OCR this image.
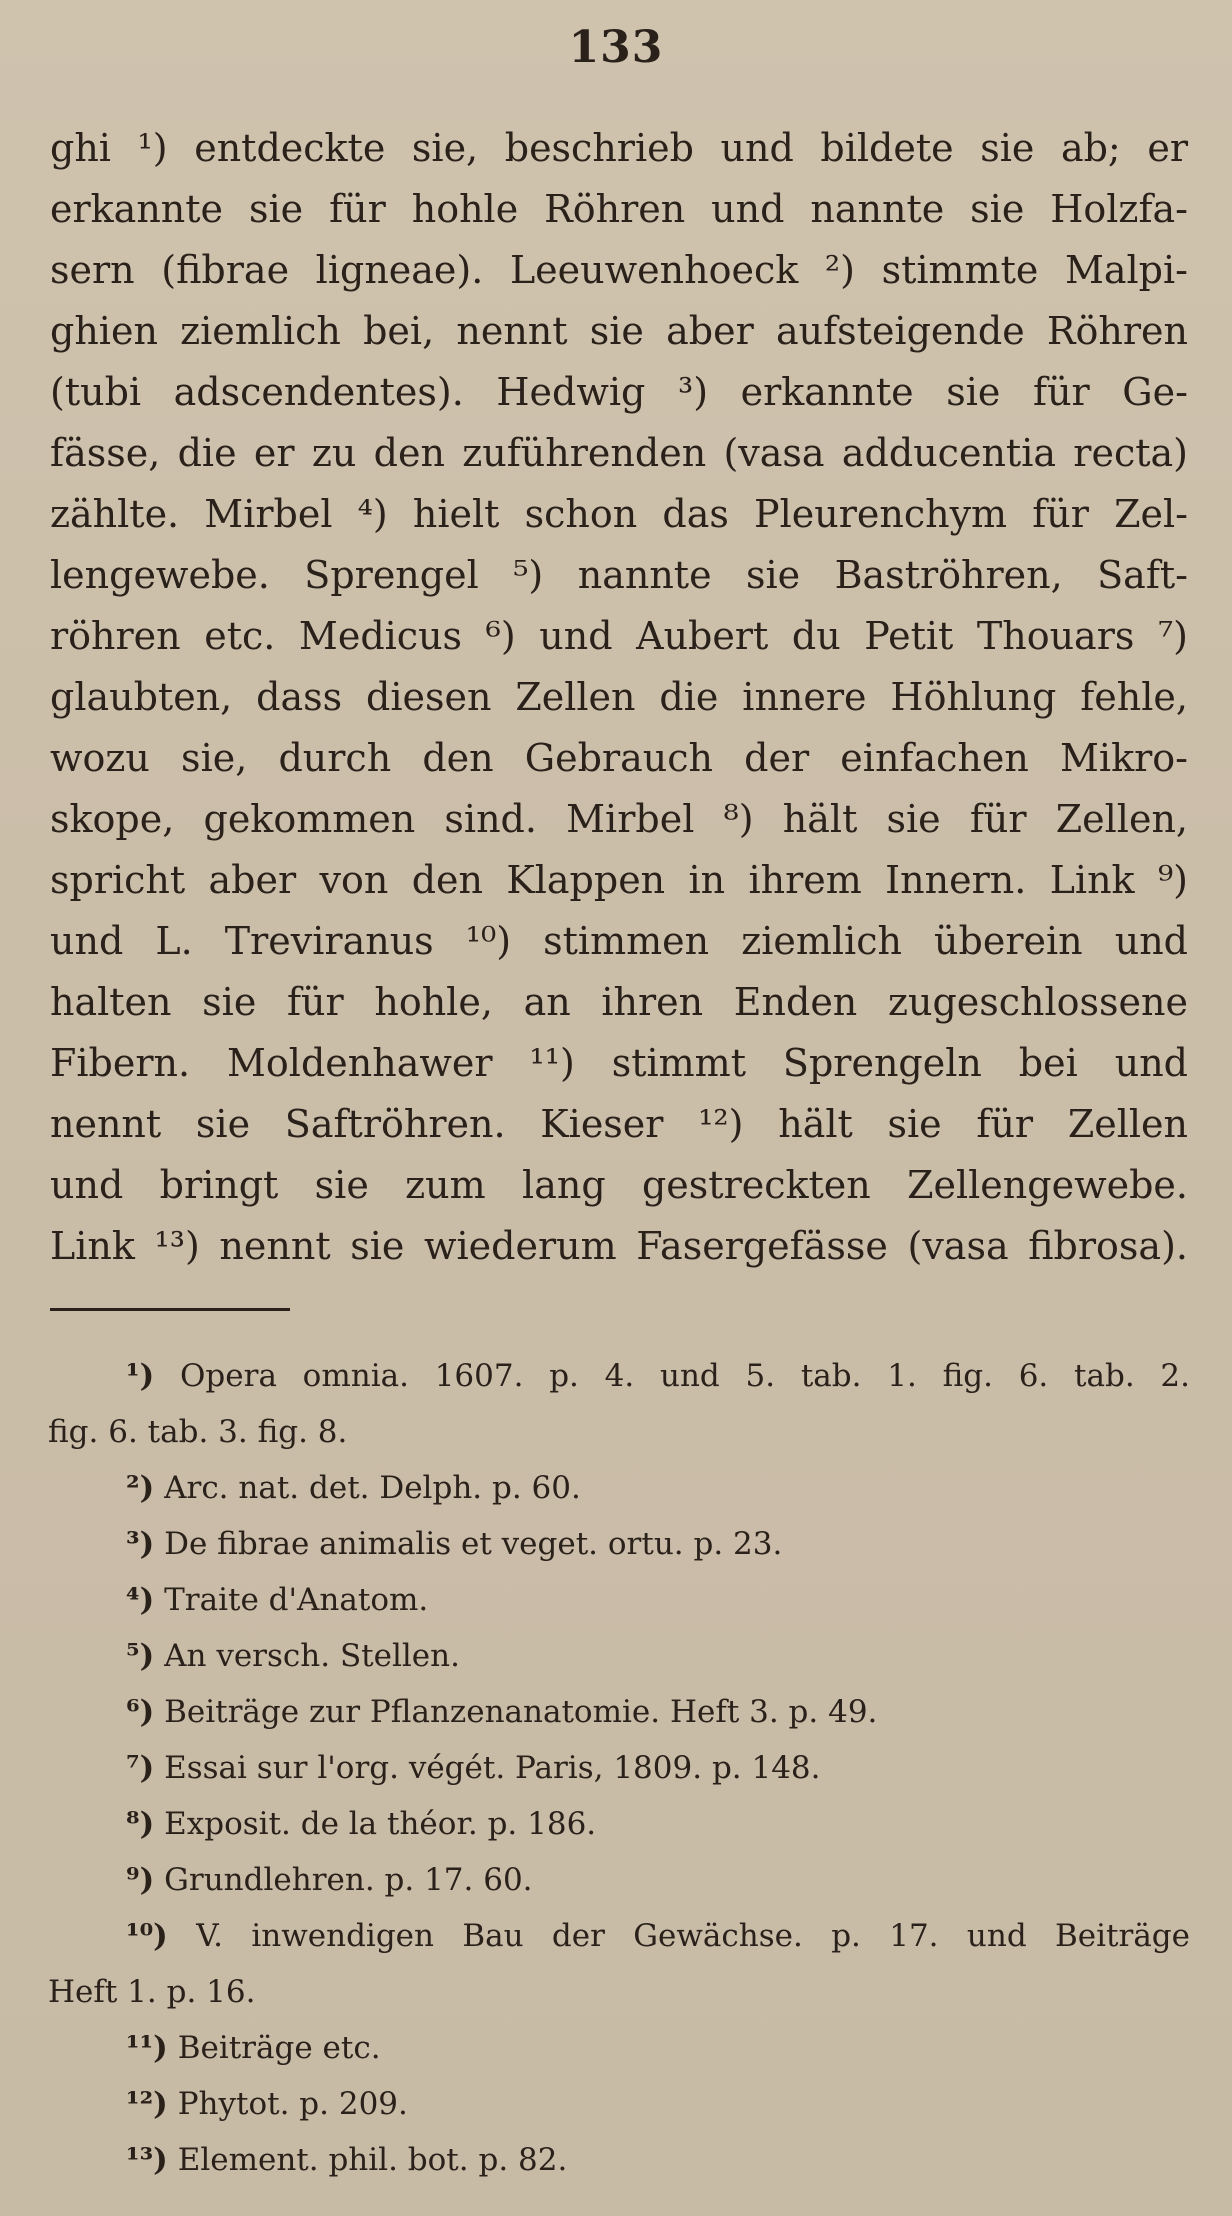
133
ghi ¹) entdeckte sie, beschrieb und bildete sie ab; er
erkannte sie für hohle Röhren und nannte sie Holzfa-
sern (fibrae ligneae). Leeuwenhoeck ²) stimmte Malpi-
ghien ziemlich bei, nennt sie aber aufsteigende Röhren
(tubi adscendentes). Hedwig ³) erkannte sie für Ge-
fässe, die er zu den zuführenden (vasa adducentia recta)
zählte. Mirbel ⁴) hielt schon das Pleurenchym für Zel-
lengewebe. Sprengel ⁵) nannte sie Baströhren, Saft-
röhren etc. Medicus ⁶) und Aubert du Petit Thouars ⁷)
glaubten, dass diesen Zellen die innere Höhlung fehle,
wozu sie, durch den Gebrauch der einfachen Mikro-
skope, gekommen sind. Mirbel ⁸) hält sie für Zellen,
spricht aber von den Klappen in ihrem Innern. Link ⁹)
und L. Treviranus ¹⁰) stimmen ziemlich überein und
halten sie für hohle, an ihren Enden zugeschlossene
Fibern. Moldenhawer ¹¹) stimmt Sprengeln bei und
nennt sie Saftröhren. Kieser ¹²) hält sie für Zellen
und bringt sie zum lang gestreckten Zellengewebe.
Link ¹³) nennt sie wiederum Fasergefässe (vasa fibrosa).
¹) Opera omnia. 1607. p. 4. und 5. tab. 1. fig. 6. tab. 2.
fig. 6. tab. 3. fig. 8.
²) Arc. nat. det. Delph. p. 60.
³) De fibrae animalis et veget. ortu. p. 23.
⁴) Traite d'Anatom.
⁵) An versch. Stellen.
⁶) Beiträge zur Pflanzenanatomie. Heft 3. p. 49.
⁷) Essai sur l'org. végét. Paris, 1809. p. 148.
⁸) Exposit. de la théor. p. 186.
⁹) Grundlehren. p. 17. 60.
¹⁰) V. inwendigen Bau der Gewächse. p. 17. und Beiträge
Heft 1. p. 16.
¹¹) Beiträge etc.
¹²) Phytot. p. 209.
¹³) Element. phil. bot. p. 82.
